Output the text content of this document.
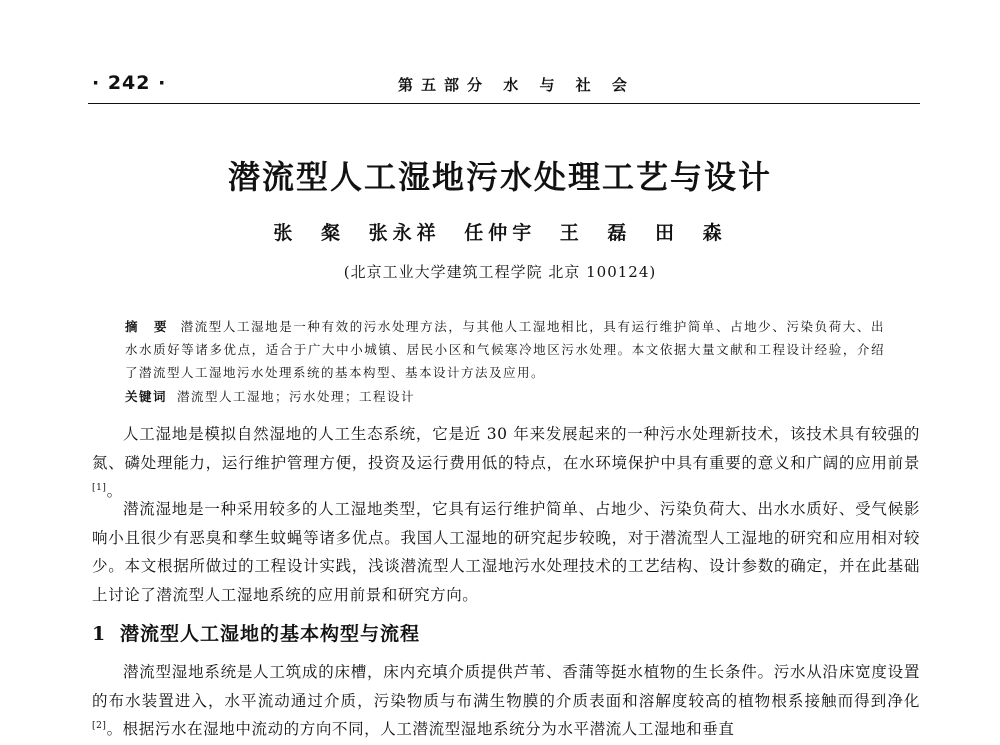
· 242 ·	第五部分 水 与 社 会
潜流型人工湿地污水处理工艺与设计
张 粲 张永祥 任仲宇 王 磊 田 森
(北京工业大学建筑工程学院 北京 100124)
摘 要 潜流型人工湿地是一种有效的污水处理方法，与其他人工湿地相比，具有运行维护简单、占地少、污染负荷大、出水水质好等诸多优点，适合于广大中小城镇、居民小区和气候寒冷地区污水处理。本文依据大量文献和工程设计经验，介绍了潜流型人工湿地污水处理系统的基本构型、基本设计方法及应用。
关键词 潜流型人工湿地；污水处理；工程设计

人工湿地是模拟自然湿地的人工生态系统，它是近 30 年来发展起来的一种污水处理新技术，该技术具有较强的氮、磷处理能力，运行维护管理方便，投资及运行费用低的特点，在水环境保护中具有重要的意义和广阔的应用前景[1]。

潜流湿地是一种采用较多的人工湿地类型，它具有运行维护简单、占地少、污染负荷大、出水水质好、受气候影响小且很少有恶臭和孳生蚊蝇等诸多优点。我国人工湿地的研究起步较晚，对于潜流型人工湿地的研究和应用相对较少。本文根据所做过的工程设计实践，浅谈潜流型人工湿地污水处理技术的工艺结构、设计参数的确定，并在此基础上讨论了潜流型人工湿地系统的应用前景和研究方向。

1 潜流型人工湿地的基本构型与流程

潜流型湿地系统是人工筑成的床槽，床内充填介质提供芦苇、香蒲等挺水植物的生长条件。污水从沿床宽度设置的布水装置进入，水平流动通过介质，污染物质与布满生物膜的介质表面和溶解度较高的植物根系接触而得到净化[2]。根据污水在湿地中流动的方向不同，人工潜流型湿地系统分为水平潜流人工湿地和垂直
